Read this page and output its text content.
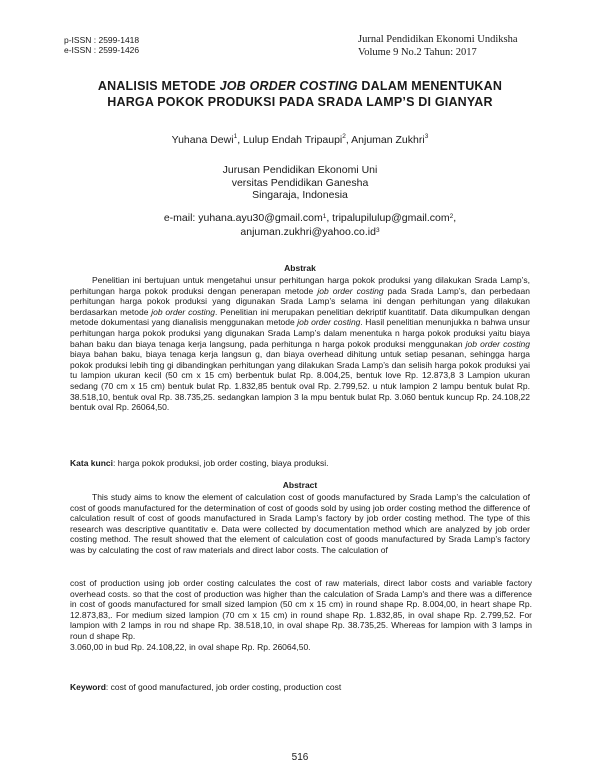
p-ISSN : 2599-1418
e-ISSN : 2599-1426
Jurnal Pendidikan Ekonomi Undiksha
Volume 9 No.2 Tahun: 2017
ANALISIS METODE JOB ORDER COSTING DALAM MENENTUKAN
HARGA POKOK PRODUKSI PADA SRADA LAMP’S DI GIANYAR
Yuhana Dewi$^1$, Lulup Endah Tripaupi$^2$, Anjuman Zukhri$^3$
Jurusan Pendidikan Ekonomi Uni
versitas Pendidikan Ganesha
Singaraja, Indonesia
e-mail: yuhana.ayu30@gmail.com$^1$, tripalupilulup@gmail.com$^2$,
$anjuman.zukhri@yahoo.co.id^3$
Abstrak

Penelitian ini bertujuan untuk mengetahui unsur perhitungan harga pokok produksi yang dilakukan Srada Lamp’s, perhitungan harga pokok produksi dengan penerapan metode job order costing pada Srada Lamp’s, dan perbedaan perhitungan harga pokok produksi yang digunakan Srada Lamp’s selama ini dengan perhitungan yang dilakukan berdasarkan metode job order costing. Penelitian ini merupakan penelitian dekriptif kuantitatif. Data dikumpulkan dengan metode dokumentasi yang dianalisis menggunakan metode job order costing. Hasil penelitian menunjukka n bahwa unsur perhitungan harga pokok produksi yang digunakan Srada Lamp’s dalam menentuka n harga pokok produksi yaitu biaya bahan baku dan biaya tenaga kerja langsung, pada perhitunga n harga pokok produksi menggunakan job order costing biaya bahan baku, biaya tenaga kerja langsun g, dan biaya overhead dihitung untuk setiap pesanan, sehingga harga pokok produksi lebih ting gi dibandingkan perhitungan yang dilakukan Srada Lamp’s dan selisih harga pokok produksi yai tu lampion ukuran kecil (50 cm x 15 cm) berbentuk bulat Rp. 8.004,25, bentuk love Rp. 12.873,8 3 Lampion ukuran sedang (70 cm x 15 cm) bentuk bulat Rp. 1.832,85 bentuk oval Rp. 2.799,52. u ntuk lampion 2 lampu bentuk bulat Rp. 38.518,10, bentuk oval Rp. 38.735,25. sedangkan lampion 3 la mpu bentuk bulat Rp. 3.060 bentuk kuncup Rp. 24.108,22 bentuk oval Rp. 26064,50.

Kata kunci: harga pokok produksi, job order costing, biaya produksi.
Abstract

This study aims to know the element of calculation cost of goods manufactured by Srada Lamp’s the calculation of cost of goods manufactured for the determination of cost of goods sold by using job order costing method the difference of calculation result of cost of goods manufactured in Srada Lamp’s factory by job order costing method. The type of this research was descriptive quantitativ e. Data were collected by documentation method which are analyzed by job order costing method. The result showed that the element of calculation cost of goods manufactured by Srada Lamp’s factory was by calculating the cost of raw materials and direct labor costs. The calculation of

cost of production using job order costing calculates the cost of raw materials, direct labor costs and variable factory overhead costs. so that the cost of production was higher than the calculation of Srada Lamp's and there was a difference in cost of goods manufactured for small sized lampion (50 cm x 15 cm) in round shape Rp. 8.004,00, in heart shape Rp. 12.873,83,. For medium sized lampion (70 cm x 15 cm) in round shape Rp. 1.832,85, in oval shape Rp. 2.799,52. For lampion with 2 lamps in rou nd shape Rp. 38.518,10, in oval shape Rp. 38.735,25. Whereas for lampion with 3 lamps in roun d shape Rp.

3.060,00 in bud Rp. 24.108,22, in oval shape Rp. Rp. 26064,50.

Keyword: cost of good manufactured, job order costing, production cost
516
